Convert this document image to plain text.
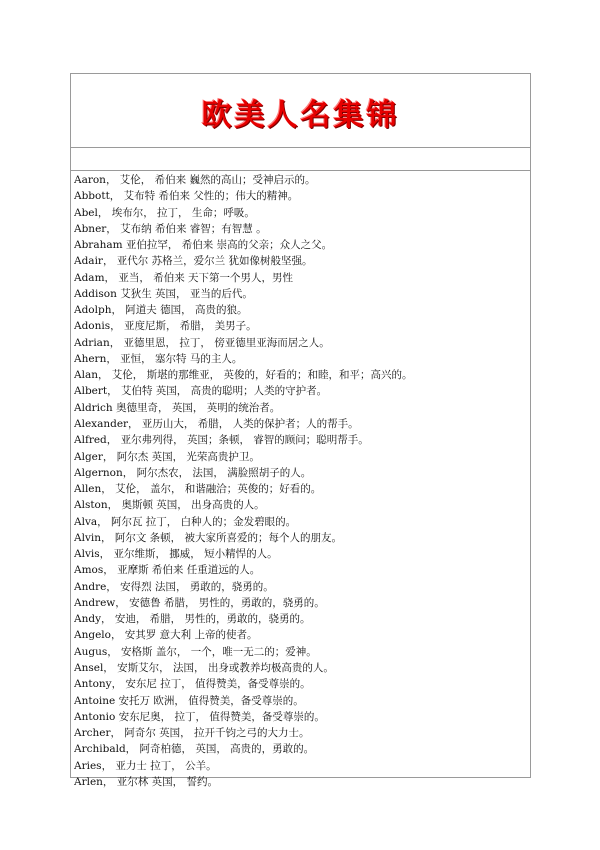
欧美人名集锦
Aaron， 艾伦， 希伯来 巍然的高山；受神启示的。
Abbott， 艾布特 希伯来 父性的；伟大的精神。
Abel， 埃布尔， 拉丁， 生命；呼吸。
Abner， 艾布纳 希伯来 睿智；有智慧 。
Abraham 亚伯拉罕， 希伯来 崇高的父亲；众人之父。
Adair， 亚代尔 苏格兰，爱尔兰 犹如像树般坚强。
Adam， 亚当， 希伯来 天下第一个男人，男性
Addison 艾狄生 英国， 亚当的后代。
Adolph， 阿道夫 德国， 高贵的狼。
Adonis， 亚度尼斯， 希腊， 美男子。
Adrian， 亚德里恩， 拉丁， 傍亚德里亚海而居之人。
Ahern， 亚恒， 塞尔特 马的主人。
Alan， 艾伦， 斯堪的那维亚， 英俊的，好看的；和睦，和平；高兴的。
Albert， 艾伯特 英国， 高贵的聪明；人类的守护者。
Aldrich 奥德里奇， 英国， 英明的统治者。
Alexander， 亚历山大， 希腊， 人类的保护者；人的帮手。
Alfred， 亚尔弗列得， 英国；条顿， 睿智的顾问；聪明帮手。
Alger， 阿尔杰 英国， 光荣高贵护卫。
Algernon， 阿尔杰农， 法国， 满脸照胡子的人。
Allen， 艾伦， 盖尔， 和谐融洽；英俊的；好看的。
Alston， 奥斯顿 英国， 出身高贵的人。
Alva， 阿尔瓦 拉丁， 白种人的；金发碧眼的。
Alvin， 阿尔文 条顿， 被大家所喜爱的；每个人的朋友。
Alvis， 亚尔维斯， 挪威， 短小精悍的人。
Amos， 亚摩斯 希伯来 任重道远的人。
Andre， 安得烈 法国， 勇敢的，骁勇的。
Andrew， 安德鲁 希腊， 男性的，勇敢的，骁勇的。
Andy， 安迪， 希腊， 男性的，勇敢的，骁勇的。
Angelo， 安其罗 意大利 上帝的使者。
Augus， 安格斯 盖尔， 一个，唯一无二的；爱神。
Ansel， 安斯艾尔， 法国， 出身或教养均极高贵的人。
Antony， 安东尼 拉丁， 值得赞美，备受尊崇的。
Antoine 安托万 欧洲， 值得赞美，备受尊崇的。
Antonio 安东尼奥， 拉丁， 值得赞美，备受尊崇的。
Archer， 阿奇尔 英国， 拉开千钧之弓的大力士。
Archibald， 阿奇柏德， 英国， 高贵的，勇敢的。
Aries， 亚力士 拉丁， 公羊。
Arlen， 亚尔林 英国， 誓约。
